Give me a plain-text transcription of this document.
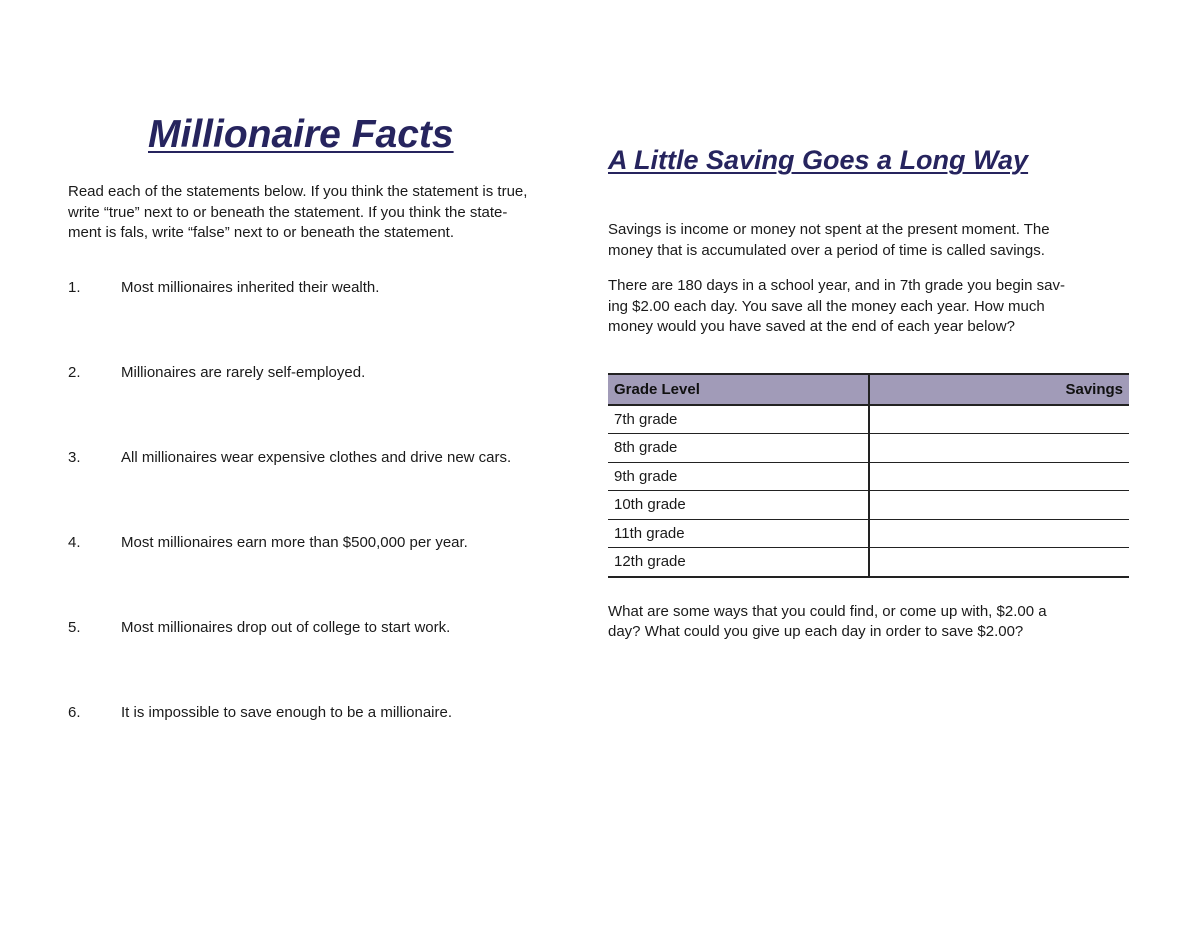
Millionaire Facts

Read each of the statements below. If you think the statement is true,
write “true” next to or beneath the statement. If you think the state-
ment is fals, write “false” next to or beneath the statement.

1.	Most millionaires inherited their wealth.
2.	Millionaires are rarely self-employed.
3.	All millionaires wear expensive clothes and drive new cars.
4.	Most millionaires earn more than $500,000 per year.
5.	Most millionaires drop out of college to start work.
6.	It is impossible to save enough to be a millionaire.
A Little Saving Goes a Long Way

Savings is income or money not spent at the present moment. The
money that is accumulated over a period of time is called savings.

There are 180 days in a school year, and in 7th grade you begin sav-
ing $2.00 each day. You save all the money each year. How much
money would you have saved at the end of each year below?

Grade Level	Savings
7th grade	
8th grade	
9th grade	
10th grade	
11th grade	
12th grade	

What are some ways that you could find, or come up with, $2.00 a
day? What could you give up each day in order to save $2.00?
